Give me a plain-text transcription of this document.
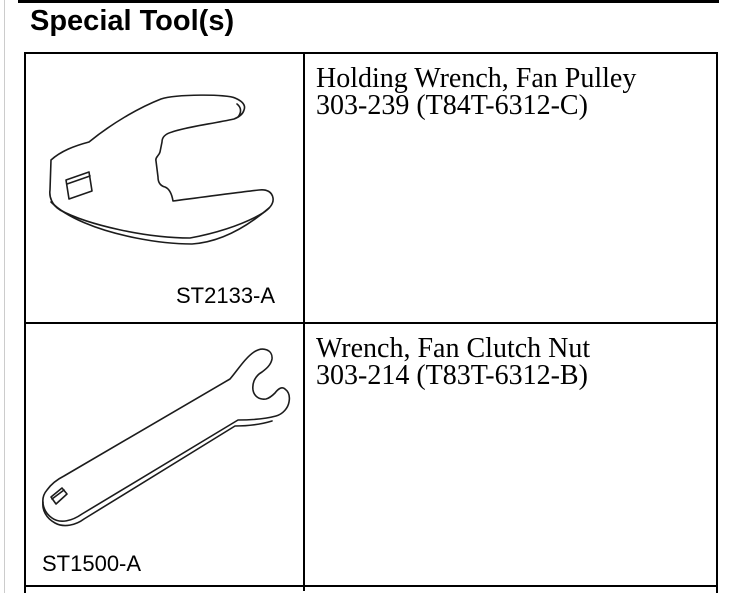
Special Tool(s)
ST2133-A
Holding Wrench, Fan Pulley
303-239 (T84T-6312-C)
ST1500-A
Wrench, Fan Clutch Nut
303-214 (T83T-6312-B)
